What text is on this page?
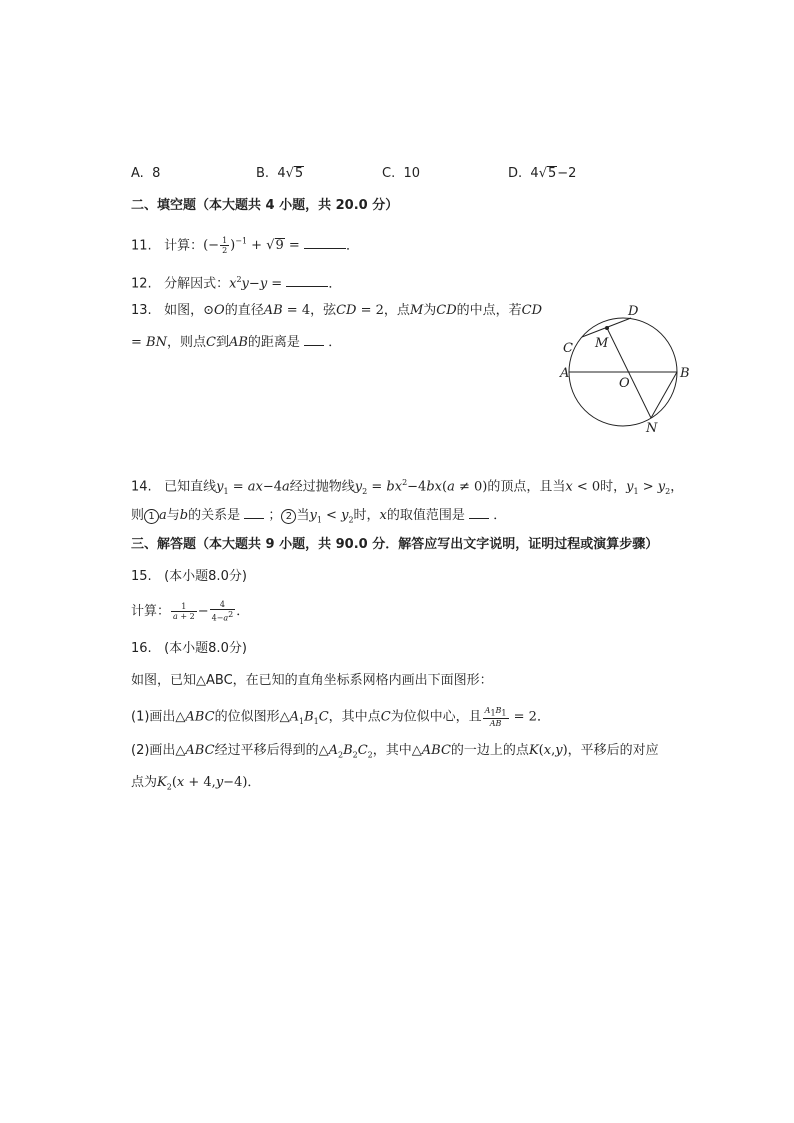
A. 8	B. 4√5	C. 10	D. 4√5−2
二、填空题（本大题共 4 小题，共 20.0 分）
11. 计算：(− $\frac{1}{2} )^{-1} + √9$ =	．
12. 分解因式：$x^2y-y$ =	．
13. 如图，⊙O的直径AB = 4，弦CD = 2，点M为CD的中点，若CD
= BN，则点C到AB的距离是 ．
D
M
C
A
O
B
N
14. 已知直线$y_1 = ax-4a$经过抛物线$y_2 = bx^2-4bx(a \ne 0)$的顶点，且当x < 0时，$y_1 > y_2$，
则 1 a与b的关系是 ； 2 当$y_1 < y_2$时，x的取值范围是 ．
三、解答题（本大题共 9 小题，共 90.0 分．解答应写出文字说明，证明过程或演算步骤）
15. (本小题8.0分)
计算： $\frac{1}{a + 2} - \frac{4}{4-a^2}$ ．
16. (本小题8.0分)
如图，已知△ABC，在已知的直角坐标系网格内画出下面图形：
(1)画出△ABC的位似图形$\triangle A_1B_1C$，其中点C为位似中心，且 $\frac{A_1B_1}{AB} = 2$．
(2)画出△ABC经过平移后得到的$\triangle A_2B_2C_2$，其中△ABC的一边上的点K(x,y)，平移后的对应
点为$K_2(x + 4,y-4)$．
